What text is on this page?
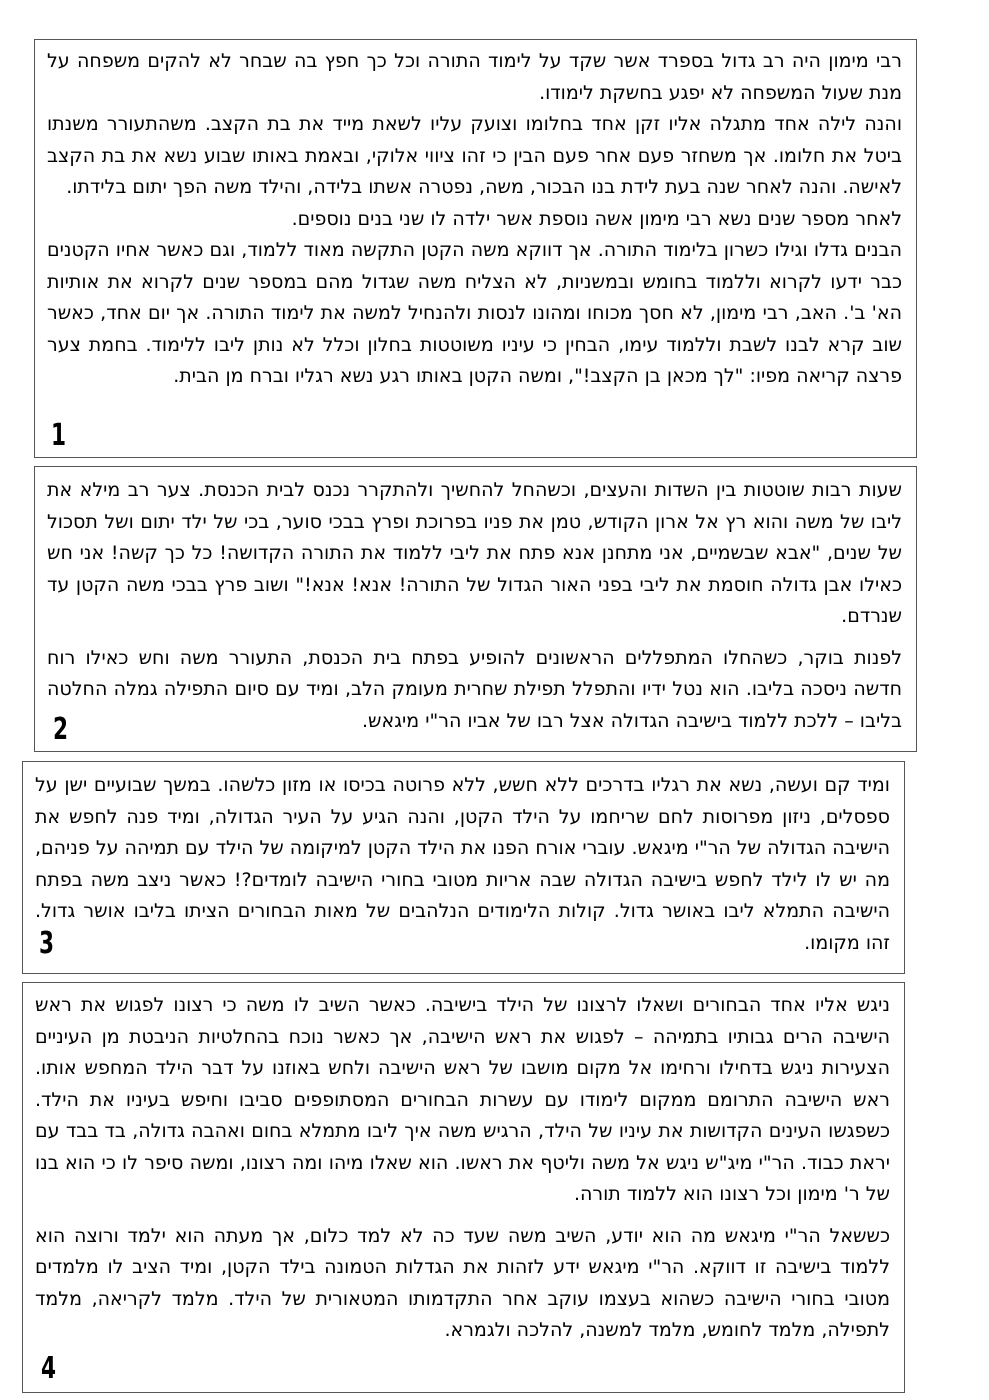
רבי מימון היה רב גדול בספרד אשר שקד על לימוד התורה וכל כך חפץ בה שבחר לא להקים משפחה על מנת שעול המשפחה לא יפגע בחשקת לימודו.

והנה לילה אחד מתגלה אליו זקן אחד בחלומו וצועק עליו לשאת מייד את בת הקצב. משהתעורר משנתו ביטל את חלומו. אך משחזר פעם אחר פעם הבין כי זהו ציווי אלוקי, ובאמת באותו שבוע נשא את בת הקצב לאישה. והנה לאחר שנה בעת לידת בנו הבכור, משה, נפטרה אשתו בלידה, והילד משה הפך יתום בלידתו.

לאחר מספר שנים נשא רבי מימון אשה נוספת אשר ילדה לו שני בנים נוספים.

הבנים גדלו וגילו כשרון בלימוד התורה. אך דווקא משה הקטן התקשה מאוד ללמוד, וגם כאשר אחיו הקטנים כבר ידעו לקרוא וללמוד בחומש ובמשניות, לא הצליח משה שגדול מהם במספר שנים לקרוא את אותיות הא' ב'. האב, רבי מימון, לא חסך מכוחו ומהונו לנסות ולהנחיל למשה את לימוד התורה. אך יום אחד, כאשר שוב קרא לבנו לשבת וללמוד עימו, הבחין כי עיניו משוטטות בחלון וכלל לא נותן ליבו ללימוד. בחמת צער פרצה קריאה מפיו: "לך מכאן בן הקצב!", ומשה הקטן באותו רגע נשא רגליו וברח מן הבית.

1

שעות רבות שוטטות בין השדות והעצים, וכשהחל להחשיך ולהתקרר נכנס לבית הכנסת. צער רב מילא את ליבו של משה והוא רץ אל ארון הקודש, טמן את פניו בפרוכת ופרץ בבכי סוער, בכי של ילד יתום ושל תסכול של שנים, "אבא שבשמיים, אני מתחנן אנא פתח את ליבי ללמוד את התורה הקדושה! כל כך קשה! אני חש כאילו אבן גדולה חוסמת את ליבי בפני האור הגדול של התורה! אנא! אנא!" ושוב פרץ בבכי משה הקטן עד שנרדם.

לפנות בוקר, כשהחלו המתפללים הראשונים להופיע בפתח בית הכנסת, התעורר משה וחש כאילו רוח חדשה ניסכה בליבו. הוא נטל ידיו והתפלל תפילת שחרית מעומק הלב, ומיד עם סיום התפילה גמלה החלטה בליבו – ללכת ללמוד בישיבה הגדולה אצל רבו של אביו הר"י מיגאש.

2

ומיד קם ועשה, נשא את רגליו בדרכים ללא חשש, ללא פרוטה בכיסו או מזון כלשהו. במשך שבועיים ישן על ספסלים, ניזון מפרוסות לחם שריחמו על הילד הקטן, והנה הגיע על העיר הגדולה, ומיד פנה לחפש את הישיבה הגדולה של הר"י מיגאש. עוברי אורח הפנו את הילד הקטן למיקומה של הילד עם תמיהה על פניהם, מה יש לו לילד לחפש בישיבה הגדולה שבה אריות מטובי בחורי הישיבה לומדים?! כאשר ניצב משה בפתח הישיבה התמלא ליבו באושר גדול. קולות הלימודים הנלהבים של מאות הבחורים הציתו בליבו אושר גדול. זהו מקומו.

3

ניגש אליו אחד הבחורים ושאלו לרצונו של הילד בישיבה. כאשר השיב לו משה כי רצונו לפגוש את ראש הישיבה הרים גבותיו בתמיהה – לפגוש את ראש הישיבה, אך כאשר נוכח בהחלטיות הניבטת מן העיניים הצעירות ניגש בדחילו ורחימו אל מקום מושבו של ראש הישיבה ולחש באוזנו על דבר הילד המחפש אותו. ראש הישיבה התרומם ממקום לימודו עם עשרות הבחורים המסתופפים סביבו וחיפש בעיניו את הילד. כשפגשו העינים הקדושות את עיניו של הילד, הרגיש משה איך ליבו מתמלא בחום ואהבה גדולה, בד בבד עם יראת כבוד. הר"י מיג"ש ניגש אל משה וליטף את ראשו. הוא שאלו מיהו ומה רצונו, ומשה סיפר לו כי הוא בנו של ר' מימון וכל רצונו הוא ללמוד תורה.

כששאל הר"י מיגאש מה הוא יודע, השיב משה שעד כה לא למד כלום, אך מעתה הוא ילמד ורוצה הוא ללמוד בישיבה זו דווקא. הר"י מיגאש ידע לזהות את הגדלות הטמונה בילד הקטן, ומיד הציב לו מלמדים מטובי בחורי הישיבה כשהוא בעצמו עוקב אחר התקדמותו המטאורית של הילד. מלמד לקריאה, מלמד לתפילה, מלמד לחומש, מלמד למשנה, להלכה ולגמרא.

4
